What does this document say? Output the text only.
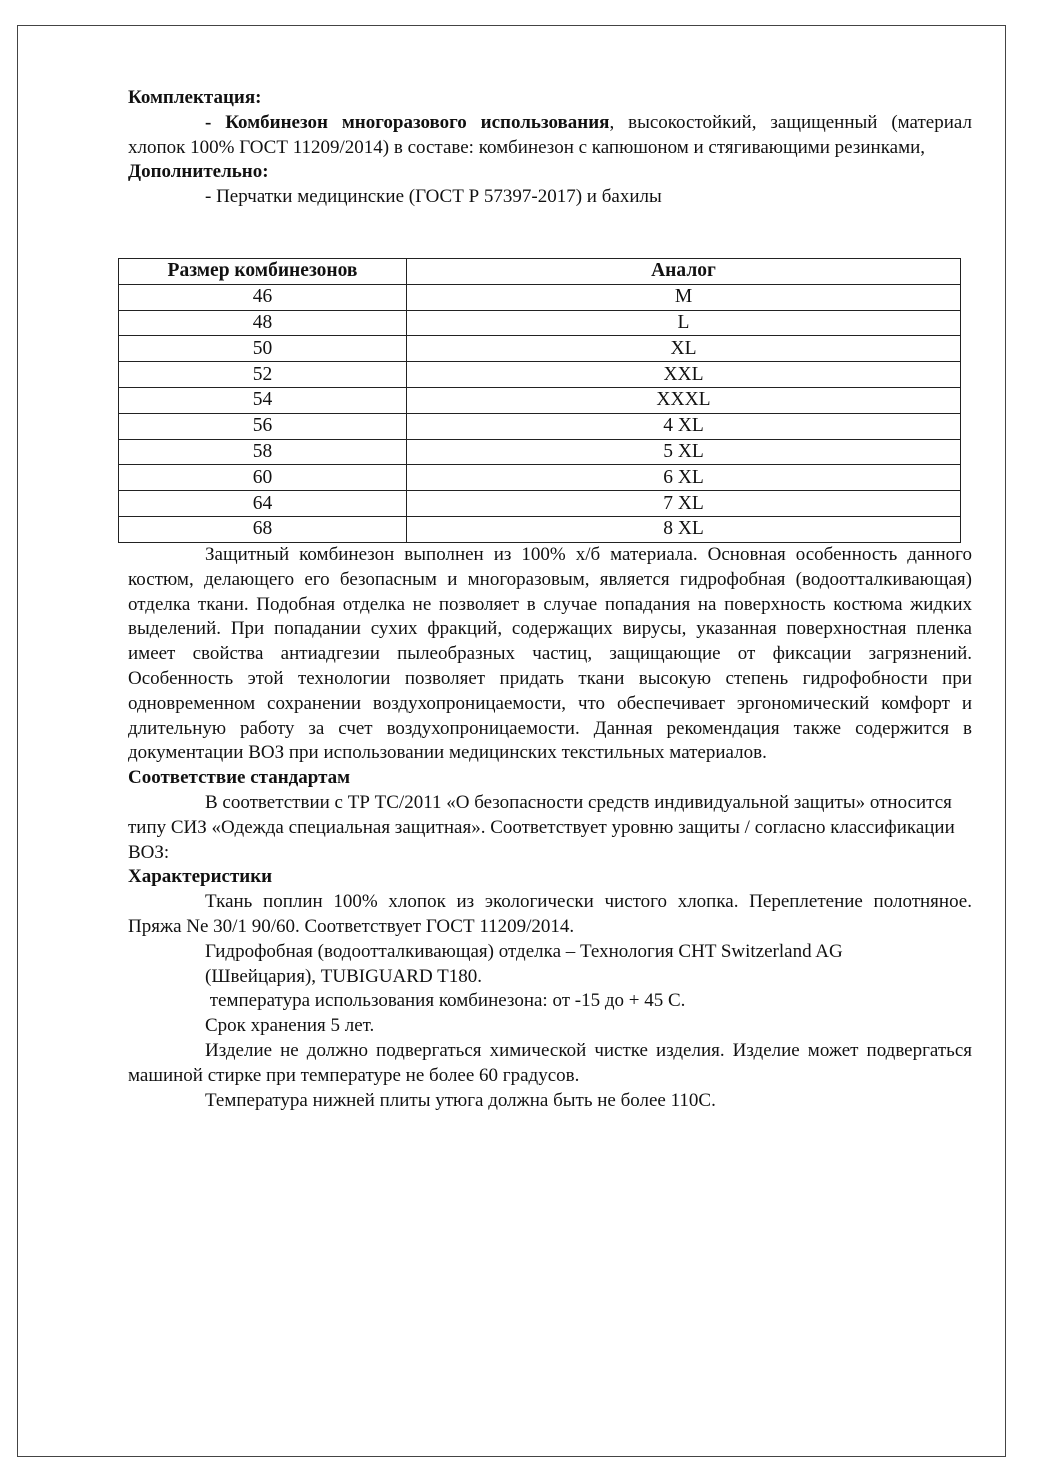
Комплектация:

- Комбинезон многоразового использования, высокостойкий, защищенный (материал хлопок 100% ГОСТ 11209/2014) в составе: комбинезон с капюшоном и стягивающими резинками,

Дополнительно:

- Перчатки медицинские (ГОСТ Р 57397-2017) и бахилы

Размер комбинезонов	Аналог
46	M
48	L
50	XL
52	XXL
54	XXXL
56	4 XL
58	5 XL
60	6 XL
64	7 XL
68	8 XL

Защитный комбинезон выполнен из 100% х/б материала. Основная особенность данного костюм, делающего его безопасным и многоразовым, является гидрофобная (водоотталкивающая) отделка ткани. Подобная отделка не позволяет в случае попадания на поверхность костюма жидких выделений. При попадании сухих фракций, содержащих вирусы, указанная поверхностная пленка имеет свойства антиадгезии пылеобразных частиц, защищающие от фиксации загрязнений. Особенность этой технологии позволяет придать ткани высокую степень гидрофобности при одновременном сохранении воздухопроницаемости, что обеспечивает эргономический комфорт и длительную работу за счет воздухопроницаемости. Данная рекомендация также содержится в документации ВОЗ при использовании медицинских текстильных материалов.

Соответствие стандартам

В соответствии с ТР ТС/2011 «О безопасности средств индивидуальной защиты» относится типу СИЗ «Одежда специальная защитная». Соответствует уровню защиты / согласно классификации ВОЗ:

Характеристики

Ткань поплин 100% хлопок из экологически чистого хлопка. Переплетение полотняное. Пряжа Ne 30/1 90/60. Соответствует ГОСТ 11209/2014.

Гидрофобная (водоотталкивающая) отделка – Технология CHT Switzerland AG

(Швейцария), TUBIGUARD T180.

температура использования комбинезона: от -15 до + 45 С.

Срок хранения 5 лет.

Изделие не должно подвергаться химической чистке изделия. Изделие может подвергаться машиной стирке при температуре не более 60 градусов.

Температура нижней плиты утюга должна быть не более 110С.
